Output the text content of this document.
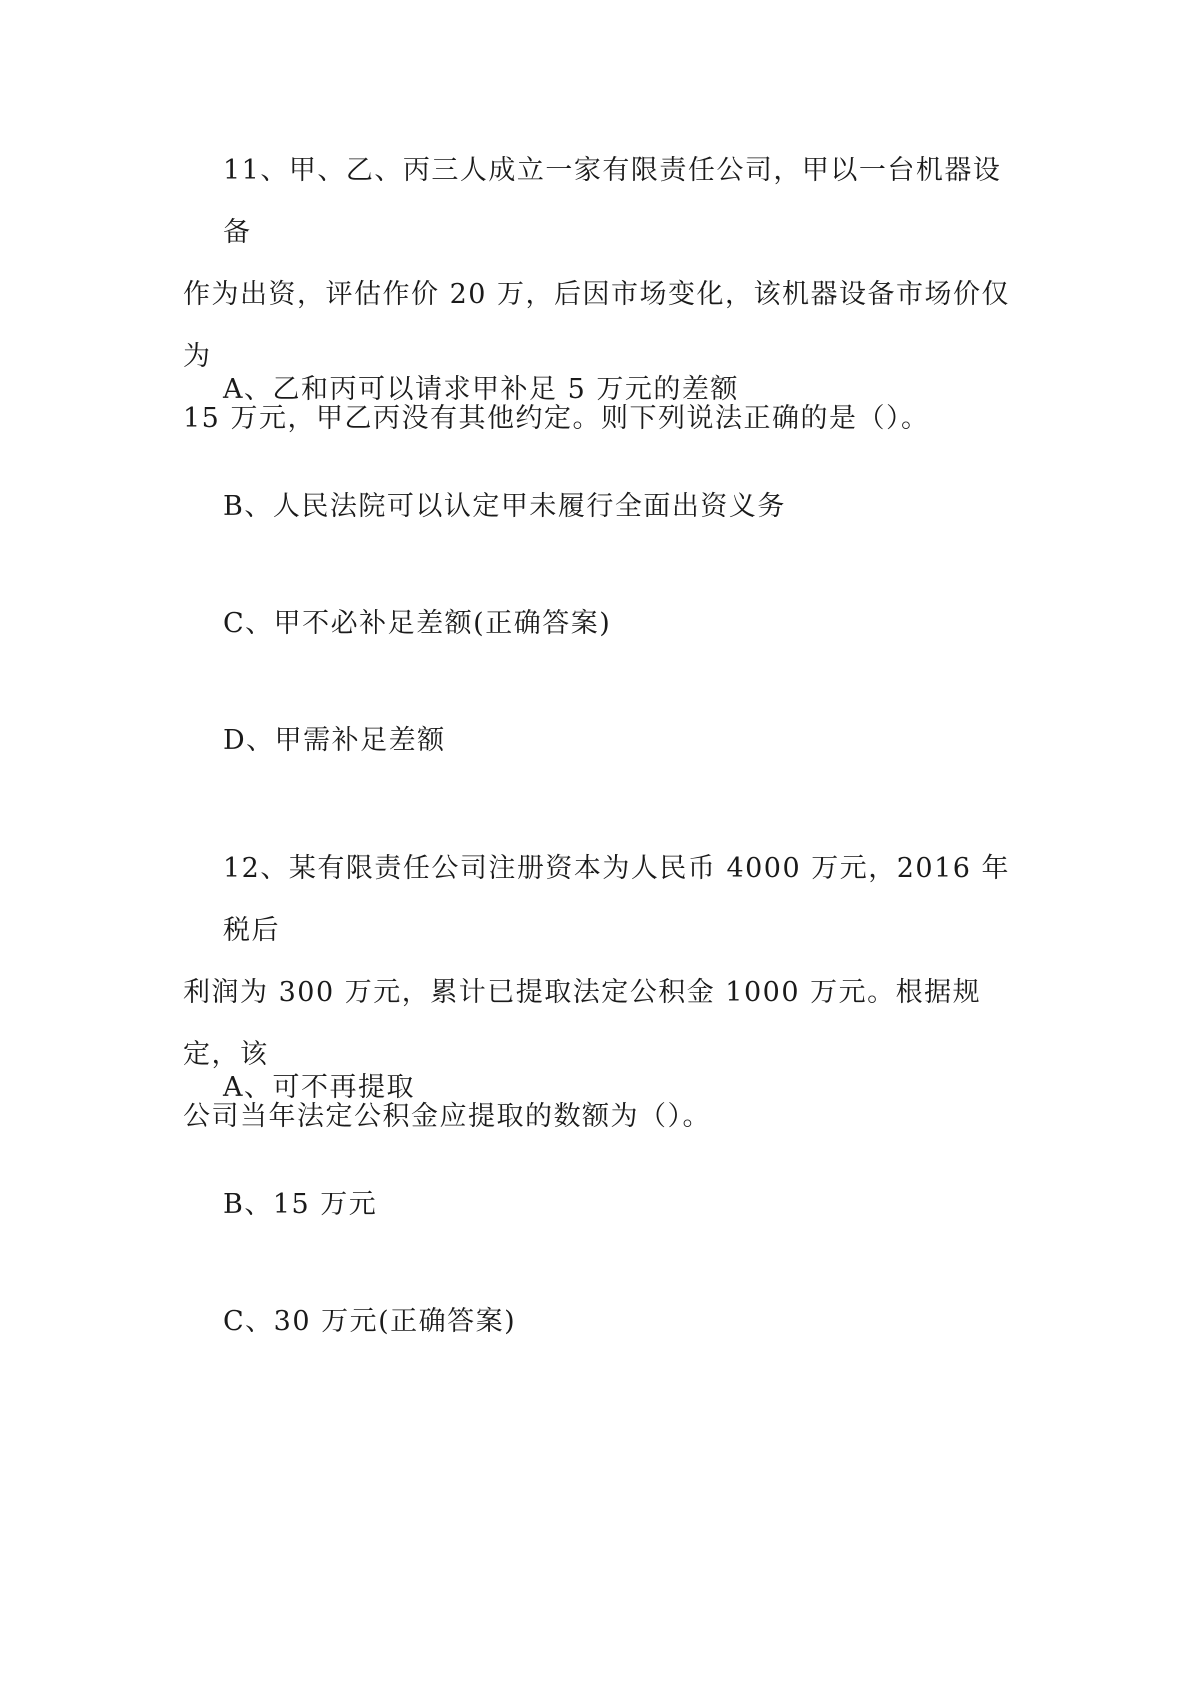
11、甲、乙、丙三人成立一家有限责任公司，甲以一台机器设备
作为出资，评估作价 20 万，后因市场变化，该机器设备市场价仅为
15 万元，甲乙丙没有其他约定。则下列说法正确的是（）。

A、乙和丙可以请求甲补足 5 万元的差额

B、人民法院可以认定甲未履行全面出资义务

C、甲不必补足差额(正确答案)

D、甲需补足差额

12、某有限责任公司注册资本为人民币 4000 万元，2016 年税后
利润为 300 万元，累计已提取法定公积金 1000 万元。根据规定，该
公司当年法定公积金应提取的数额为（）。

A、可不再提取

B、15 万元

C、30 万元(正确答案)
